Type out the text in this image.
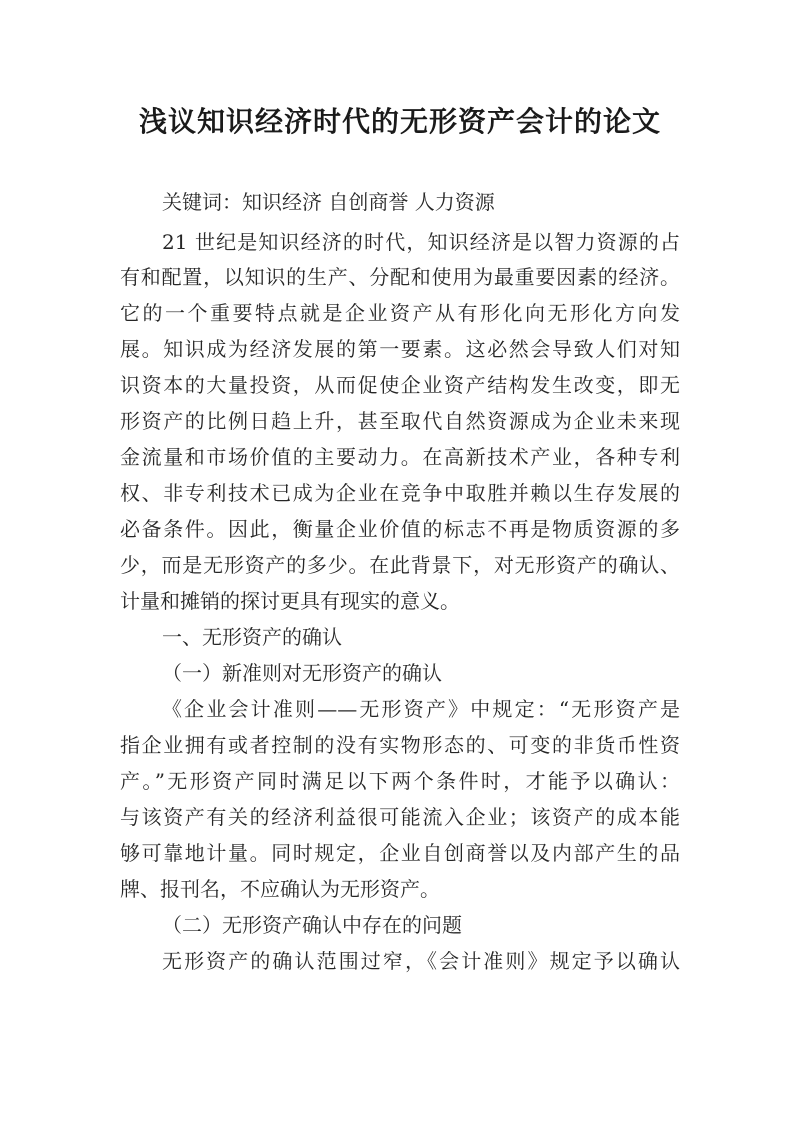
浅议知识经济时代的无形资产会计的论文
关键词：知识经济 自创商誉 人力资源
21 世纪是知识经济的时代，知识经济是以智力资源的占
有和配置，以知识的生产、分配和使用为最重要因素的经济。
它的一个重要特点就是企业资产从有形化向无形化方向发
展。知识成为经济发展的第一要素。这必然会导致人们对知
识资本的大量投资，从而促使企业资产结构发生改变，即无
形资产的比例日趋上升，甚至取代自然资源成为企业未来现
金流量和市场价值的主要动力。在高新技术产业，各种专利
权、非专利技术已成为企业在竞争中取胜并赖以生存发展的
必备条件。因此，衡量企业价值的标志不再是物质资源的多
少，而是无形资产的多少。在此背景下，对无形资产的确认、
计量和摊销的探讨更具有现实的意义。
一、无形资产的确认
（一）新准则对无形资产的确认
《企业会计准则——无形资产》中规定：“无形资产是
指企业拥有或者控制的没有实物形态的、可变的非货币性资
产。”无形资产同时满足以下两个条件时，才能予以确认：
与该资产有关的经济利益很可能流入企业；该资产的成本能
够可靠地计量。同时规定，企业自创商誉以及内部产生的品
牌、报刊名，不应确认为无形资产。
（二）无形资产确认中存在的问题
无形资产的确认范围过窄，《会计准则》规定予以确认
